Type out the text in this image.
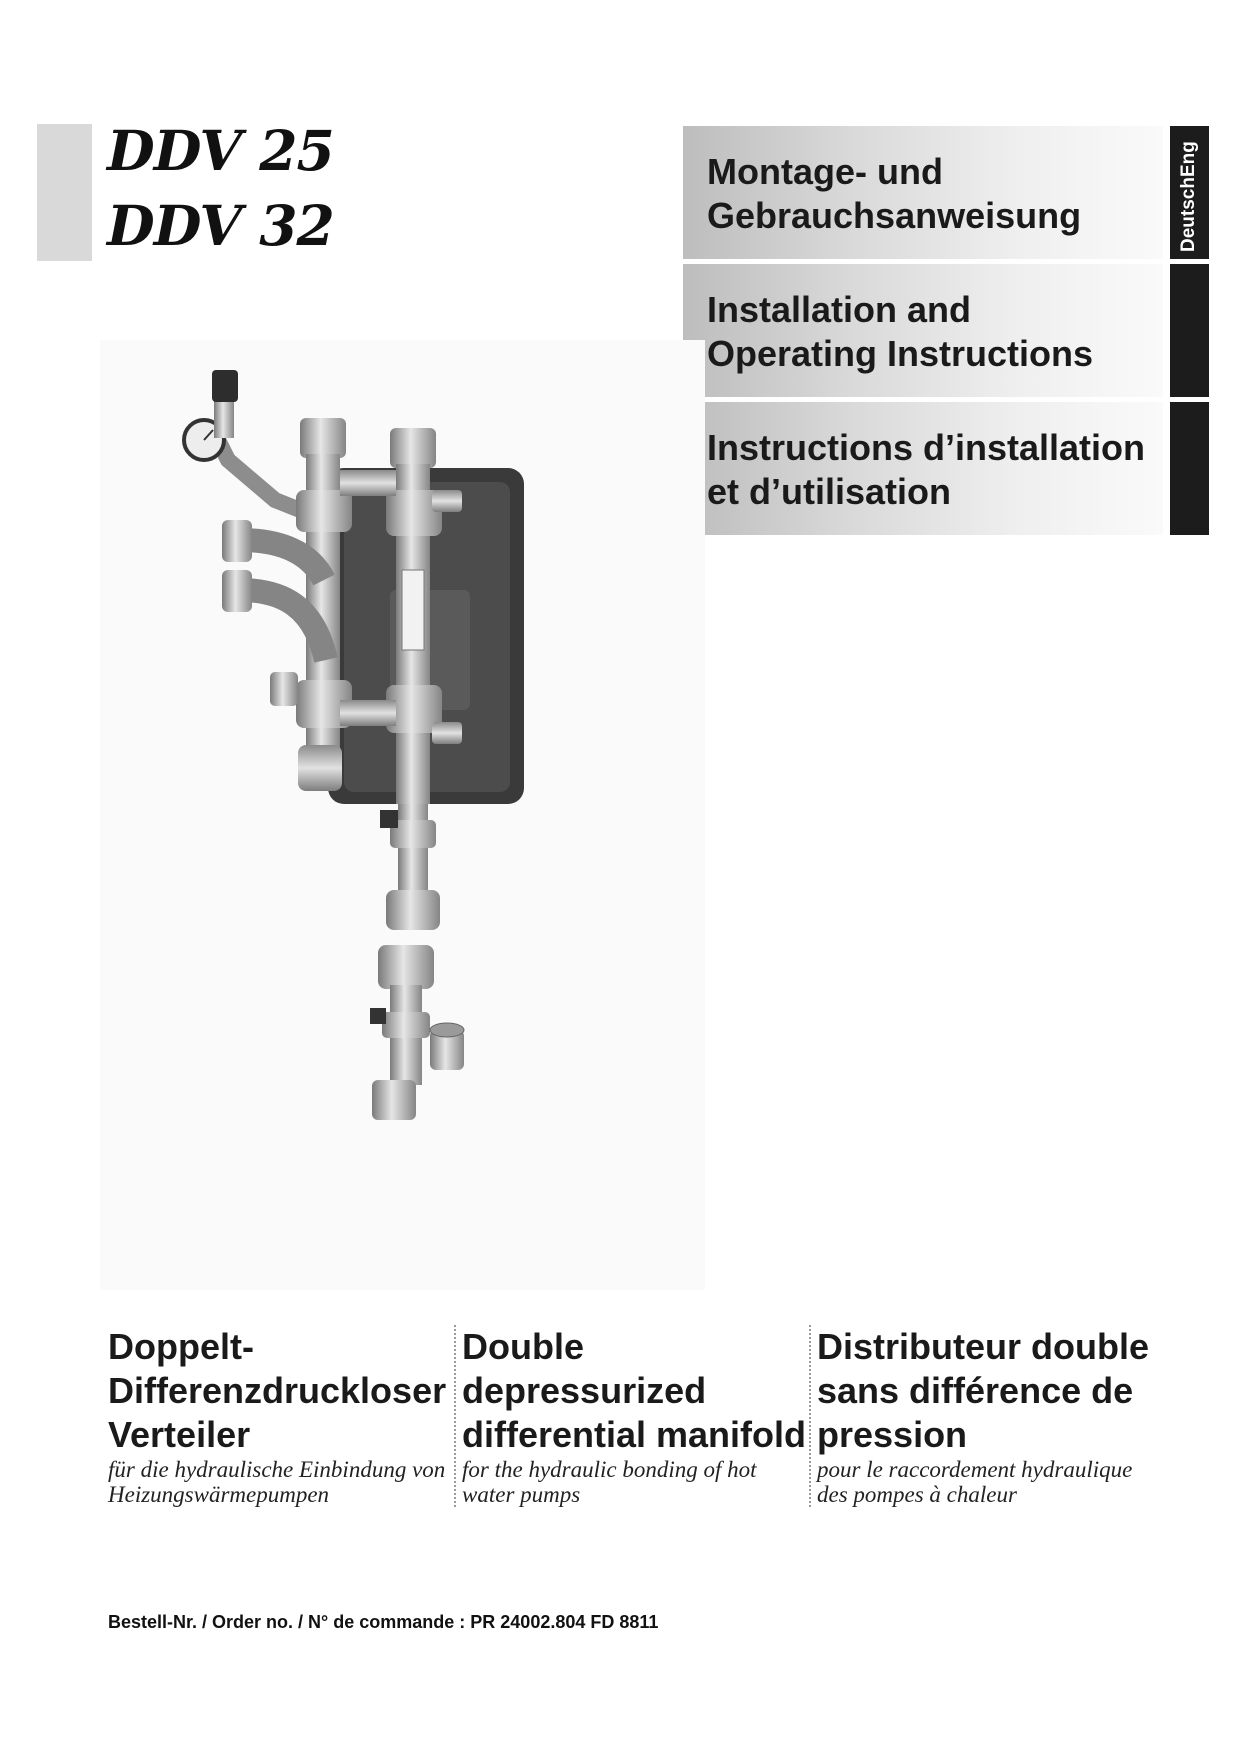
DDV 25
DDV 32
Montage- und
Gebrauchsanweisung
Installation and
Operating Instructions
Instructions d’installation
et d’utilisation
DeutschEng
Doppelt-
Differenzdruckloser
Verteiler
für die hydraulische Einbindung von
Heizungswärmepumpen
Double
depressurized
differential manifold
for the hydraulic bonding of hot
water pumps
Distributeur double
sans différence de
pression
pour le raccordement hydraulique
des pompes à chaleur
Bestell-Nr. / Order no. / N° de commande : PR 24002.804 FD 8811
